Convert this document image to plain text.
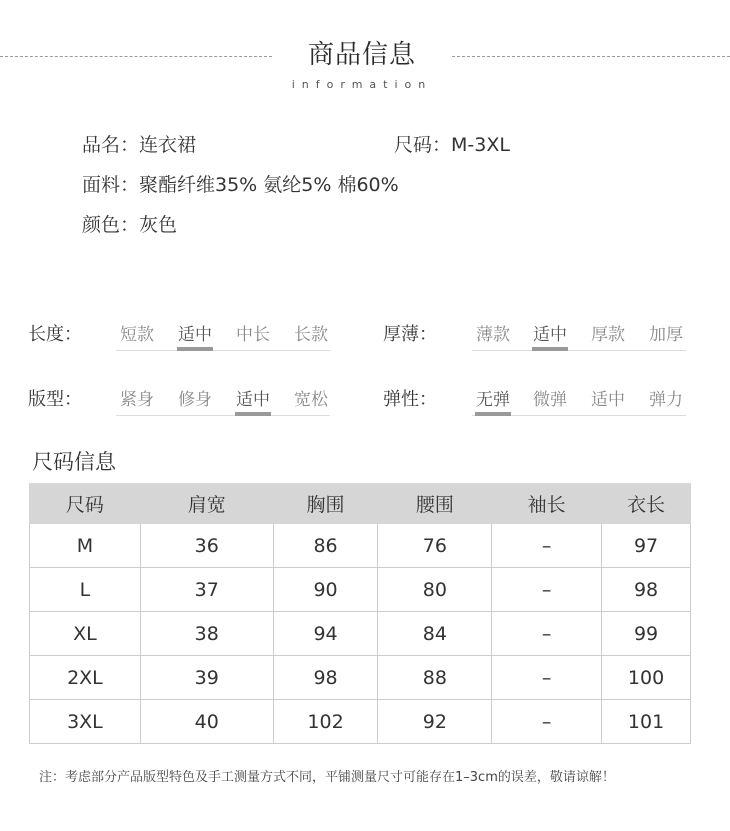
商品信息
information
品名：连衣裙	尺码：M-3XL
面料：聚酯纤维35% 氨纶5% 棉60%
颜色：灰色
长度： 短款 适中 中长 长款	厚薄： 薄款 适中 厚款 加厚
版型： 紧身 修身 适中 宽松	弹性： 无弹 微弹 适中 弹力
尺码信息
尺码	肩宽	胸围	腰围	袖长	衣长
M	36	86	76	–	97
L	37	90	80	–	98
XL	38	94	84	–	99
2XL	39	98	88	–	100
3XL	40	102	92	–	101
注：考虑部分产品版型特色及手工测量方式不同，平铺测量尺寸可能存在1–3cm的误差，敬请谅解！
